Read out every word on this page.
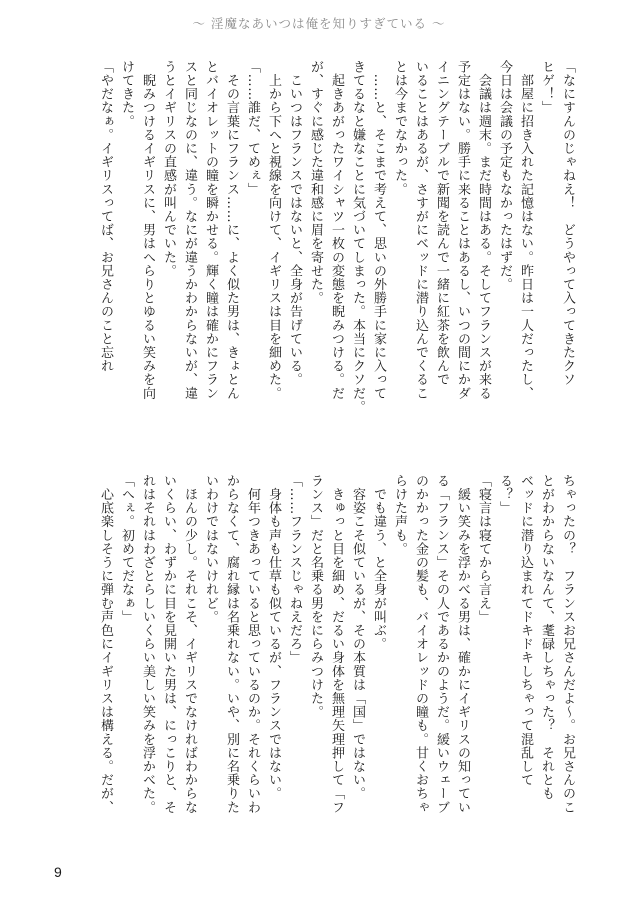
〜 淫魔なあいつは俺を知りすぎている 〜
「なにすんのじゃねえ！　どうやって入ってきたクソ
ヒゲ！」
　部屋に招き入れた記憶はない。昨日は一人だったし、
今日は会議の予定もなかったはずだ。
　会議は週末。まだ時間はある。そしてフランスが来る
予定はない。勝手に来ることはあるし、いつの間にかダ
イニングテーブルで新聞を読んで一緒に紅茶を飲んで
いることはあるが、さすがにベッドに潜り込んでくるこ
とは今までなかった。
　……と、そこまで考えて、思いの外勝手に家に入って
きてるなと嫌なことに気づいてしまった。本当にクソだ。
　起きあがったワイシャツ一枚の変態を睨みつける。だ
が、すぐに感じた違和感に眉を寄せた。
　こいつはフランスではないと、全身が告げている。
　上から下へと視線を向けて、イギリスは目を細めた。
「……誰だ、てめぇ」
　その言葉にフランス……に、よく似た男は、きょとん
とバイオレットの瞳を瞬かせる。輝く瞳は確かにフラン
スと同じなのに、違う。なにが違うかわからないが、違
うとイギリスの直感が叫んでいた。
　睨みつけるイギリスに、男はへらりとゆるい笑みを向
けてきた。
「やだなぁ。イギリスってば、お兄さんのこと忘れ
ちゃったの？　フランスお兄さんだよ〜。お兄さんのこ
とがわからないなんて、耄碌しちゃった？　それとも
ベッドに潜り込まれてドキドキしちゃって混乱して
る？」
「寝言は寝てから言え」
　緩い笑みを浮かべる男は、確かにイギリスの知ってい
る「フランス」その人であるかのようだ。緩いウェーブ
のかかった金の髪も、バイオレッドの瞳も。甘くおちゃ
らけた声も。
　でも違う、と全身が叫ぶ。
　容姿こそ似ているが、その本質は「国」ではない。
　きゅっと目を細め、だるい身体を無理矢理押して「フ
ランス」だと名乗る男をにらみつけた。
「……フランスじゃねえだろ」
　身体も声も仕草も似ているが、フランスではない。
　何年つきあっていると思っているのか。それくらいわ
からなくて、腐れ縁は名乗れない。いや、別に名乗りた
いわけではないけれど。
　ほんの少し。それこそ、イギリスでなければわからな
いくらい、わずかに目を見開いた男は、にっこりと、そ
れはそれはわざとらしいくらい美しい笑みを浮かべた。
「へぇ。初めてだなぁ」
　心底楽しそうに弾む声色にイギリスは構える。だが、
9
